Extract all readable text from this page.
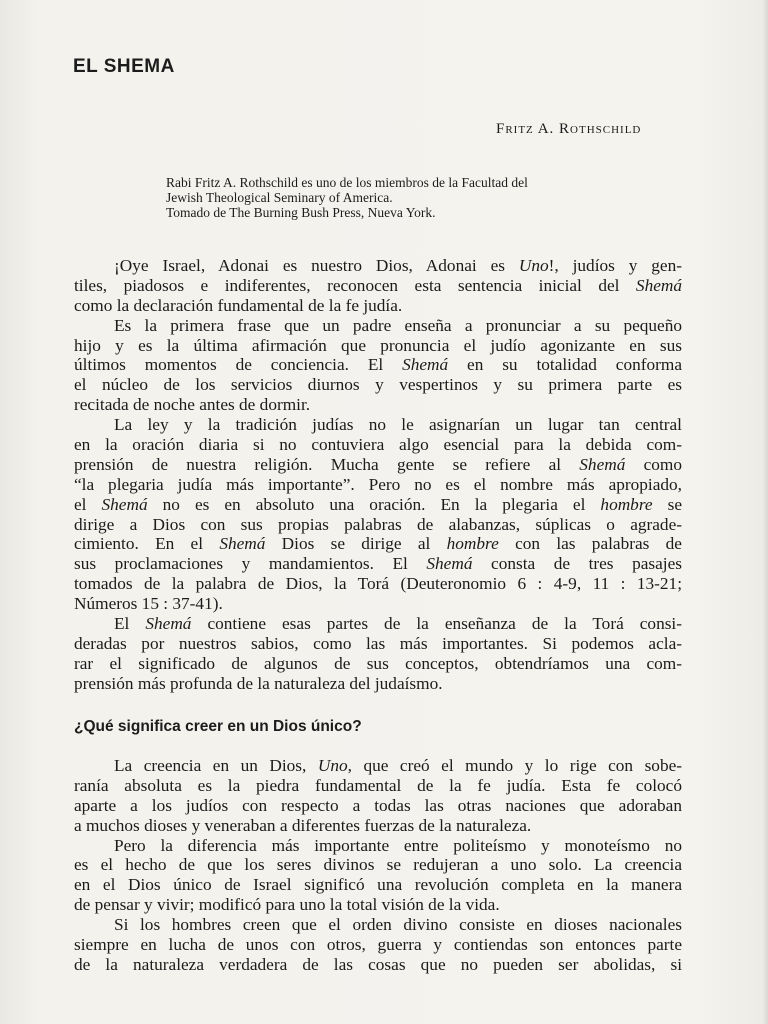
EL SHEMA
Fritz A. Rothschild
Rabi Fritz A. Rothschild es uno de los miembros de la Facultad del
Jewish Theological Seminary of America.
Tomado de The Burning Bush Press, Nueva York.
¡Oye Israel, Adonai es nuestro Dios, Adonai es Uno!, judíos y gen-
tiles, piadosos e indiferentes, reconocen esta sentencia inicial del Shemá
como la declaración fundamental de la fe judía.
Es la primera frase que un padre enseña a pronunciar a su pequeño
hijo y es la última afirmación que pronuncia el judío agonizante en sus
últimos momentos de conciencia. El Shemá en su totalidad conforma
el núcleo de los servicios diurnos y vespertinos y su primera parte es
recitada de noche antes de dormir.
La ley y la tradición judías no le asignarían un lugar tan central
en la oración diaria si no contuviera algo esencial para la debida com-
prensión de nuestra religión. Mucha gente se refiere al Shemá como
“la plegaria judía más importante”. Pero no es el nombre más apropiado,
el Shemá no es en absoluto una oración. En la plegaria el hombre se
dirige a Dios con sus propias palabras de alabanzas, súplicas o agrade-
cimiento. En el Shemá Dios se dirige al hombre con las palabras de
sus proclamaciones y mandamientos. El Shemá consta de tres pasajes
tomados de la palabra de Dios, la Torá (Deuteronomio 6 : 4-9, 11 : 13-21;
Números 15 : 37-41).
El Shemá contiene esas partes de la enseñanza de la Torá consi-
deradas por nuestros sabios, como las más importantes. Si podemos acla-
rar el significado de algunos de sus conceptos, obtendríamos una com-
prensión más profunda de la naturaleza del judaísmo.
¿Qué significa creer en un Dios único?
La creencia en un Dios, Uno, que creó el mundo y lo rige con sobe-
ranía absoluta es la piedra fundamental de la fe judía. Esta fe colocó
aparte a los judíos con respecto a todas las otras naciones que adoraban
a muchos dioses y veneraban a diferentes fuerzas de la naturaleza.
Pero la diferencia más importante entre politeísmo y monoteísmo no
es el hecho de que los seres divinos se redujeran a uno solo. La creencia
en el Dios único de Israel significó una revolución completa en la manera
de pensar y vivir; modificó para uno la total visión de la vida.
Si los hombres creen que el orden divino consiste en dioses nacionales
siempre en lucha de unos con otros, guerra y contiendas son entonces parte
de la naturaleza verdadera de las cosas que no pueden ser abolidas, si
